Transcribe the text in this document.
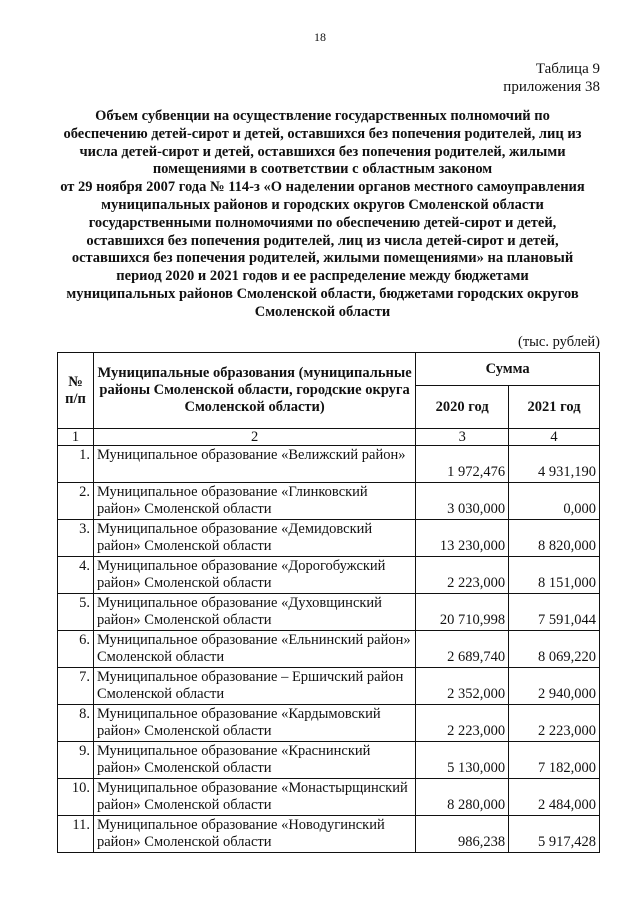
18
Таблица 9
приложения 38
Объем субвенции на осуществление государственных полномочий по
обеспечению детей-сирот и детей, оставшихся без попечения родителей, лиц из
числа детей-сирот и детей, оставшихся без попечения родителей, жилыми
помещениями в соответствии с областным законом
от 29 ноября 2007 года № 114-з «О наделении органов местного самоуправления
муниципальных районов и городских округов Смоленской области
государственными полномочиями по обеспечению детей-сирот и детей,
оставшихся без попечения родителей, лиц из числа детей-сирот и детей,
оставшихся без попечения родителей, жилыми помещениями» на плановый
период 2020 и 2021 годов и ее распределение между бюджетами
муниципальных районов Смоленской области, бюджетами городских округов
Смоленской области
(тыс. рублей)
№ п/п	Муниципальные образования (муниципальные районы Смоленской области, городские округа Смоленской области)	Сумма	
		2020 год	2021 год
1	2	3	4
1.	Муниципальное образование «Велижский район»	1 972,476	4 931,190
2.	Муниципальное образование «Глинковский район» Смоленской области	3 030,000	0,000
3.	Муниципальное образование «Демидовский район» Смоленской области	13 230,000	8 820,000
4.	Муниципальное образование «Дорогобужский район» Смоленской области	2 223,000	8 151,000
5.	Муниципальное образование «Духовщинский район» Смоленской области	20 710,998	7 591,044
6.	Муниципальное образование «Ельнинский район» Смоленской области	2 689,740	8 069,220
7.	Муниципальное образование – Ершичский район Смоленской области	2 352,000	2 940,000
8.	Муниципальное образование «Кардымовский район» Смоленской области	2 223,000	2 223,000
9.	Муниципальное образование «Краснинский район» Смоленской области	5 130,000	7 182,000
10.	Муниципальное образование «Монастырщинский район» Смоленской области	8 280,000	2 484,000
11.	Муниципальное образование «Новодугинский район» Смоленской области	986,238	5 917,428
